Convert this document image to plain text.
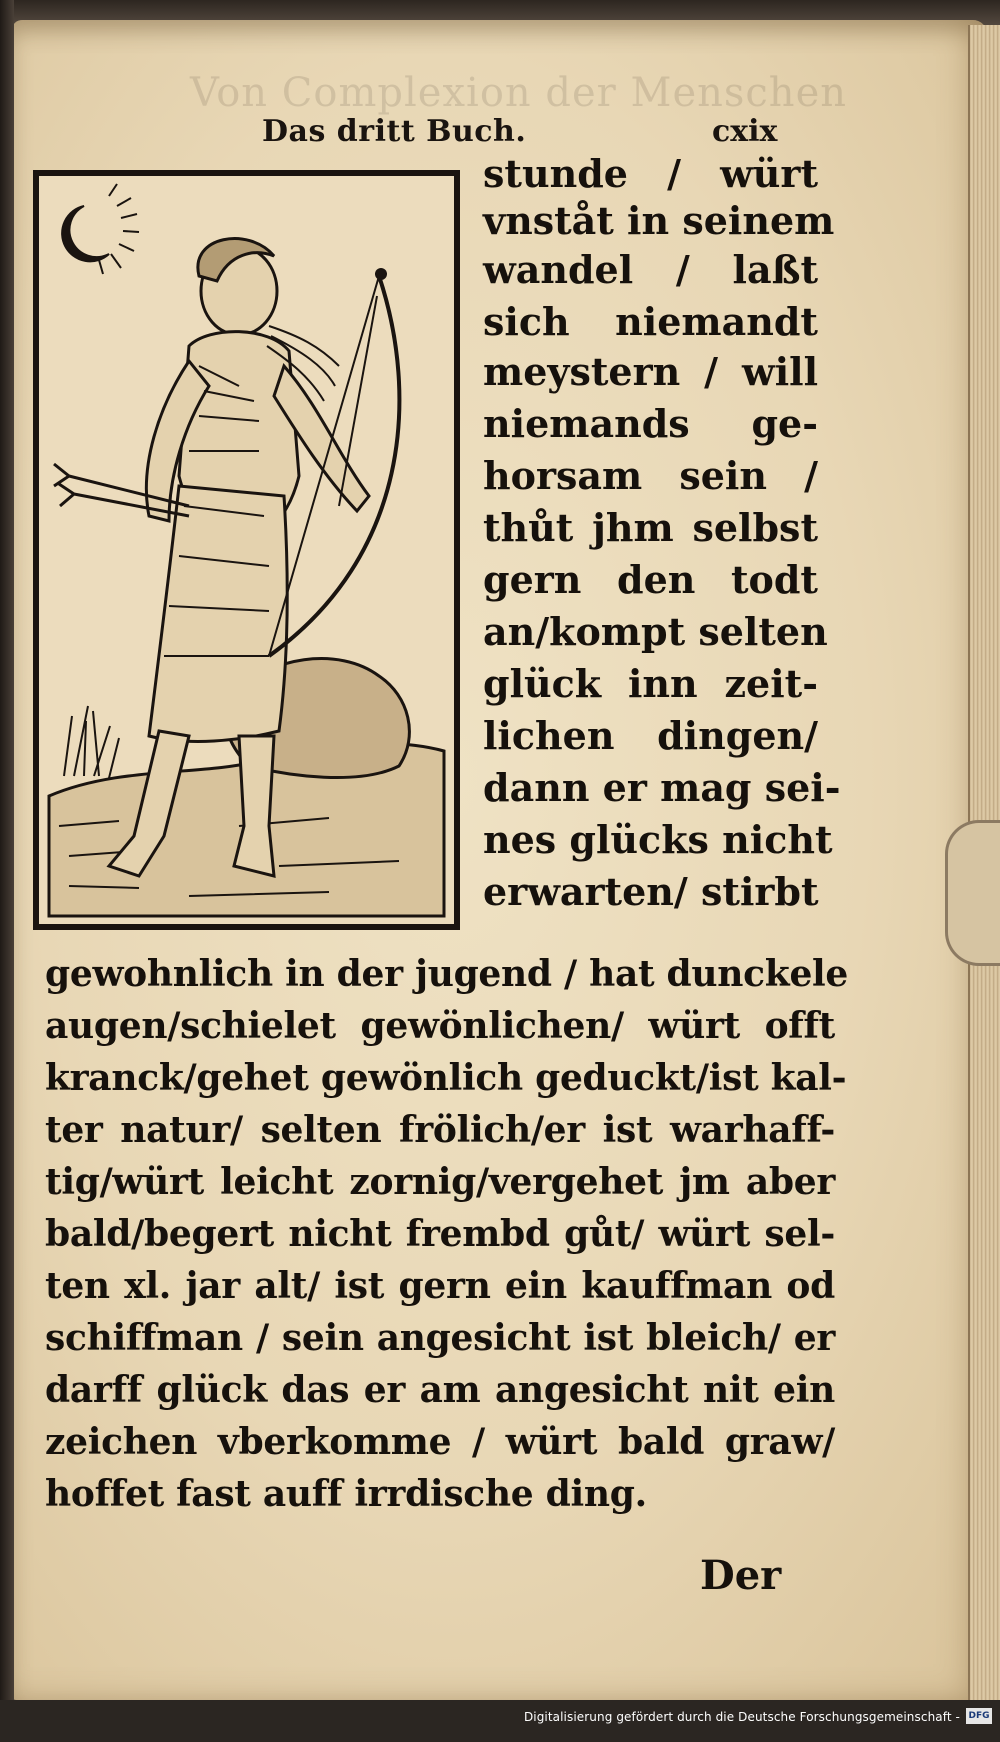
Von Complexion der Menschen
Das dritt Buch.	cxix
stunde / würt
vnståt in seinem
wandel / laßt
sich niemandt
meystern / will
niemands ge-
horsam sein /
thůt jhm selbst
gern den todt
an/kompt selten
glück inn zeit-
lichen dingen/
dann er mag sei-
nes glücks nicht
erwarten/ stirbt
gewohnlich in der jugend / hat dunckele
augen/schielet gewönlichen/ würt offt
kranck/gehet gewönlich geduckt/ist kal-
ter natur/ selten frölich/er ist warhaff-
tig/würt leicht zornig/vergehet jm aber
bald/begert nicht frembd gůt/ würt sel-
ten xl. jar alt/ ist gern ein kauffman od
schiffman / sein angesicht ist bleich/ er
darff glück das er am angesicht nit ein
zeichen vberkomme / würt bald graw/
hoffet fast auff irrdische ding.
Der
Digitalisierung gefördert durch die Deutsche Forschungsgemeinschaft - DFG
